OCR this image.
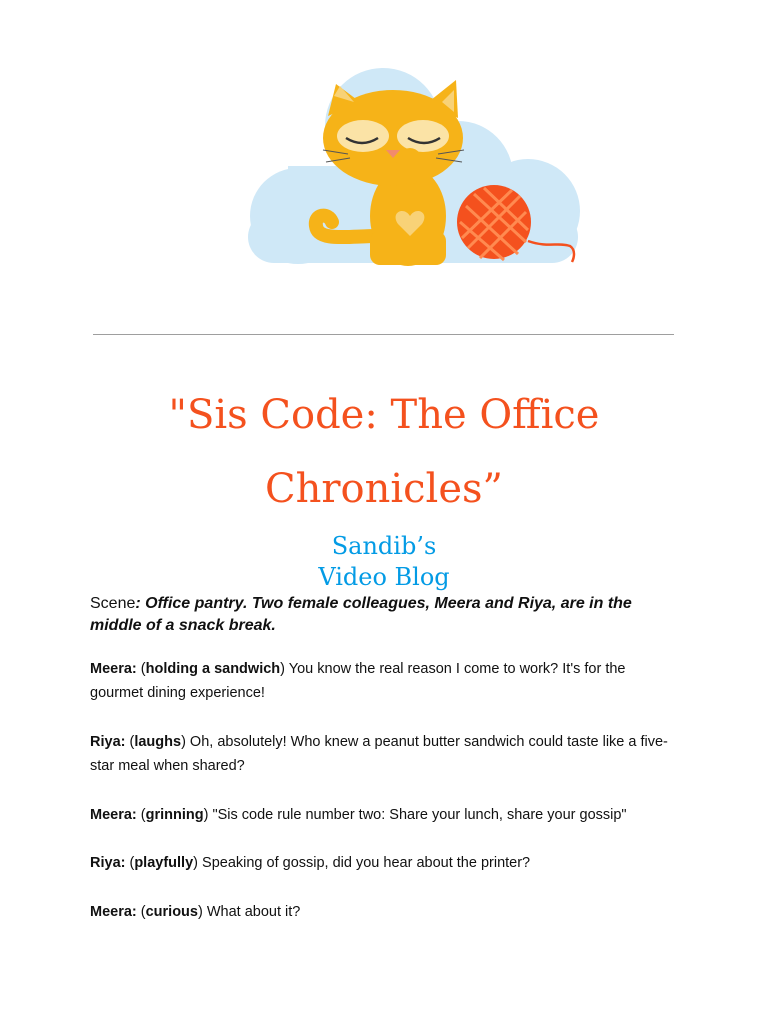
"Sis Code: The Office
Chronicles”
Sandib’s
Video Blog

Scene: Office pantry. Two female colleagues, Meera and Riya, are in the middle of a snack break.

Meera: (holding a sandwich) You know the real reason I come to work? It's for the gourmet dining experience!

Riya: (laughs) Oh, absolutely! Who knew a peanut butter sandwich could taste like a five-star meal when shared?

Meera: (grinning) "Sis code rule number two: Share your lunch, share your gossip"

Riya: (playfully) Speaking of gossip, did you hear about the printer?

Meera: (curious) What about it?
